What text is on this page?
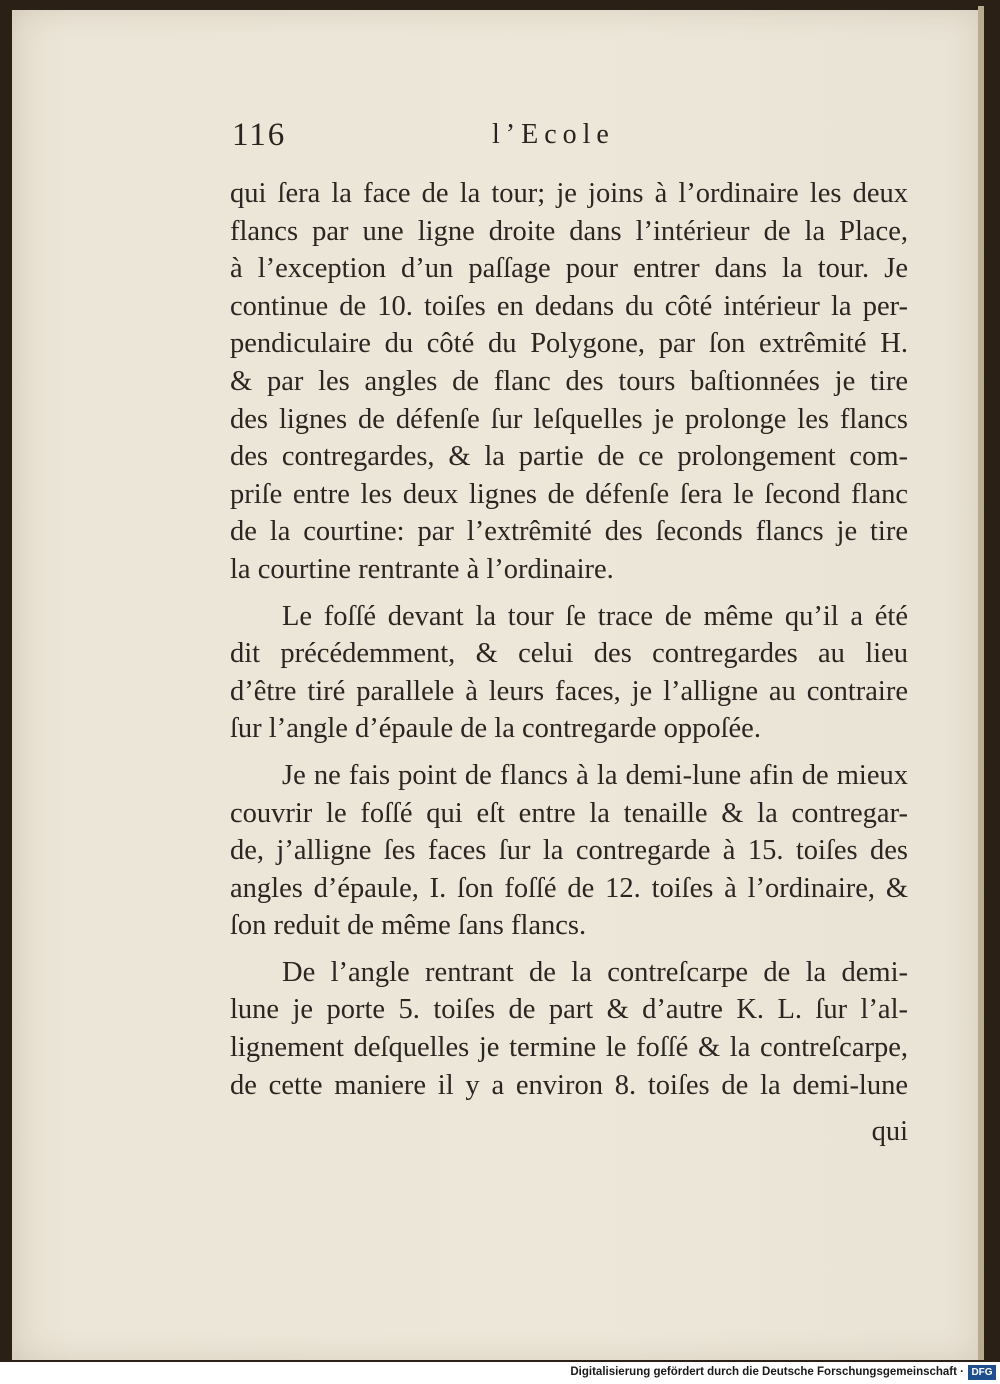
116	l’Ecole
qui ſera la face de la tour; je joins à l’ordinaire les deux
flancs par une ligne droite dans l’intérieur de la Place,
à l’exception d’un paſſage pour entrer dans la tour. Je
continue de 10. toiſes en dedans du côté intérieur la per-
pendiculaire du côté du Polygone, par ſon extrêmité H.
& par les angles de flanc des tours baſtionnées je tire
des lignes de défenſe ſur leſquelles je prolonge les flancs
des contregardes, & la partie de ce prolongement com-
priſe entre les deux lignes de défenſe ſera le ſecond flanc
de la courtine: par l’extrêmité des ſeconds flancs je tire
la courtine rentrante à l’ordinaire.
Le foſſé devant la tour ſe trace de même qu’il a été
dit précédemment, & celui des contregardes au lieu
d’être tiré parallele à leurs faces, je l’alligne au contraire
ſur l’angle d’épaule de la contregarde oppoſée.
Je ne fais point de flancs à la demi-lune afin de mieux
couvrir le foſſé qui eſt entre la tenaille & la contregar-
de, j’alligne ſes faces ſur la contregarde à 15. toiſes des
angles d’épaule, I. ſon foſſé de 12. toiſes à l’ordinaire, &
ſon reduit de même ſans flancs.
De l’angle rentrant de la contreſcarpe de la demi-
lune je porte 5. toiſes de part & d’autre K. L. ſur l’al-
lignement deſquelles je termine le foſſé & la contreſcarpe,
de cette maniere il y a environ 8. toiſes de la demi-lune
qui
Digitalisierung gefördert durch die Deutsche Forschungsgemeinschaft · DFG
